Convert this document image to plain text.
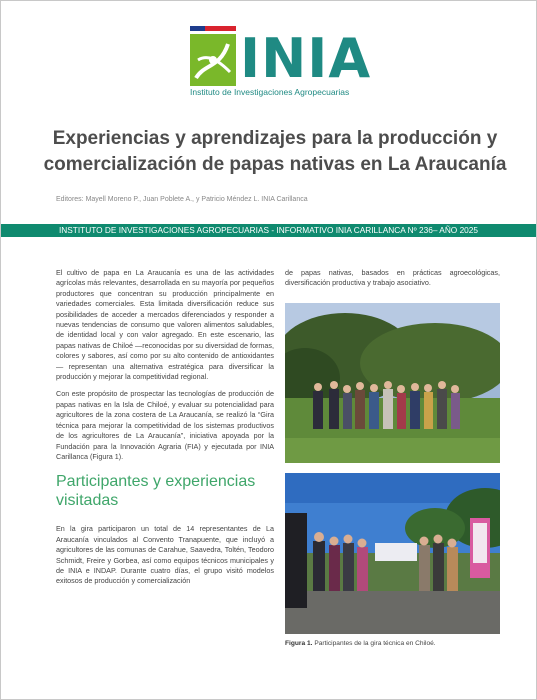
INIA
Instituto de Investigaciones Agropecuarias
Experiencias y aprendizajes para la producción y
comercialización de papas nativas en La Araucanía
Editores: Mayell Moreno P., Juan Poblete A., y Patricio Méndez L. INIA Carillanca
INSTITUTO DE INVESTIGACIONES AGROPECUARIAS - INFORMATIVO INIA CARILLANCA Nº 236– AÑO 2025

El cultivo de papa en La Araucanía es una de las actividades agrícolas más relevantes, desarrollada en su mayoría por pequeños productores que concentran su producción principalmente en variedades comerciales. Esta limitada diversificación reduce sus posibilidades de acceder a mercados diferenciados y responder a nuevas tendencias de consumo que valoren alimentos saludables, de identidad local y con valor agregado. En este escenario, las papas nativas de Chiloé —reconocidas por su diversidad de formas, colores y sabores, así como por su alto contenido de antioxidantes— representan una alternativa estratégica para diversificar la producción y mejorar la competitividad regional.

Con este propósito de prospectar las tecnologías de producción de papas nativas en la Isla de Chiloé, y evaluar su potencialidad para agricultores de la zona costera de La Araucanía, se realizó la “Gira técnica para mejorar la competitividad de los sistemas productivos de los agricultores de La Araucanía”, iniciativa apoyada por la Fundación para la Innovación Agraria (FIA) y ejecutada por INIA Carillanca (Figura 1).

Participantes y experiencias visitadas

En la gira participaron un total de 14 representantes de La Araucanía vinculados al Convento Tranapuente, que incluyó a agricultores de las comunas de Carahue, Saavedra, Toltén, Teodoro Schmidt, Freire y Gorbea, así como equipos técnicos municipales y de INIA e INDAP. Durante cuatro días, el grupo visitó modelos exitosos de producción y comercialización

de papas nativas, basados en prácticas agroecológicas, diversificación productiva y trabajo asociativo.

Figura 1. Participantes de la gira técnica en Chiloé.
